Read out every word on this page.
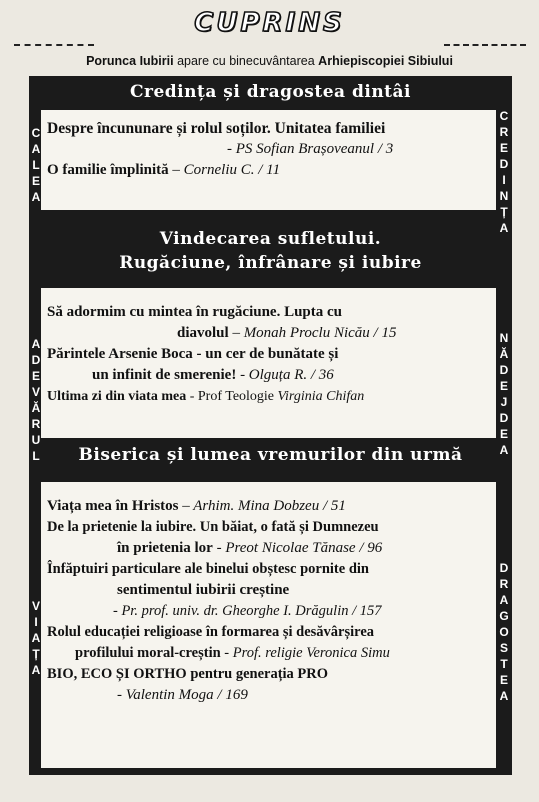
CUPRINS
Porunca Iubirii apare cu binecuvântarea Arhiepiscopiei Sibiului
Credința și dragostea dintâi
Despre încununare și rolul soților. Unitatea familiei
- PS Sofian Brașoveanul / 3
O familie împlinită – Corneliu C. / 11
Vindecarea sufletului.
Rugăciune, înfrânare și iubire
Să adormim cu mintea în rugăciune. Lupta cu
diavolul – Monah Proclu Nicău / 15
Părintele Arsenie Boca - un cer de bunătate și
un infinit de smerenie! - Olguța R. / 36
Ultima zi din viata mea - Prof Teologie Virginia Chifan
Biserica și lumea vremurilor din urmă
Viața mea în Hristos – Arhim. Mina Dobzeu / 51
De la prietenie la iubire. Un băiat, o fată și Dumnezeu
în prietenia lor - Preot Nicolae Tănase / 96
Înfăptuiri particulare ale binelui obștesc pornite din
sentimentul iubirii creștine
- Pr. prof. univ. dr. Gheorghe I. Drăgulin / 157
Rolul educației religioase în formarea și desăvârșirea
profilului moral-creștin - Prof. religie Veronica Simu
BIO, ECO ȘI ORTHO pentru generația PRO
- Valentin Moga / 169
C
A
L
E
A
A
D
E
V
Ă
R
U
L
V
I
A
Ț
A
C
R
E
D
I
N
Ț
A
N
Ă
D
E
J
D
E
A
D
R
A
G
O
S
T
E
A
